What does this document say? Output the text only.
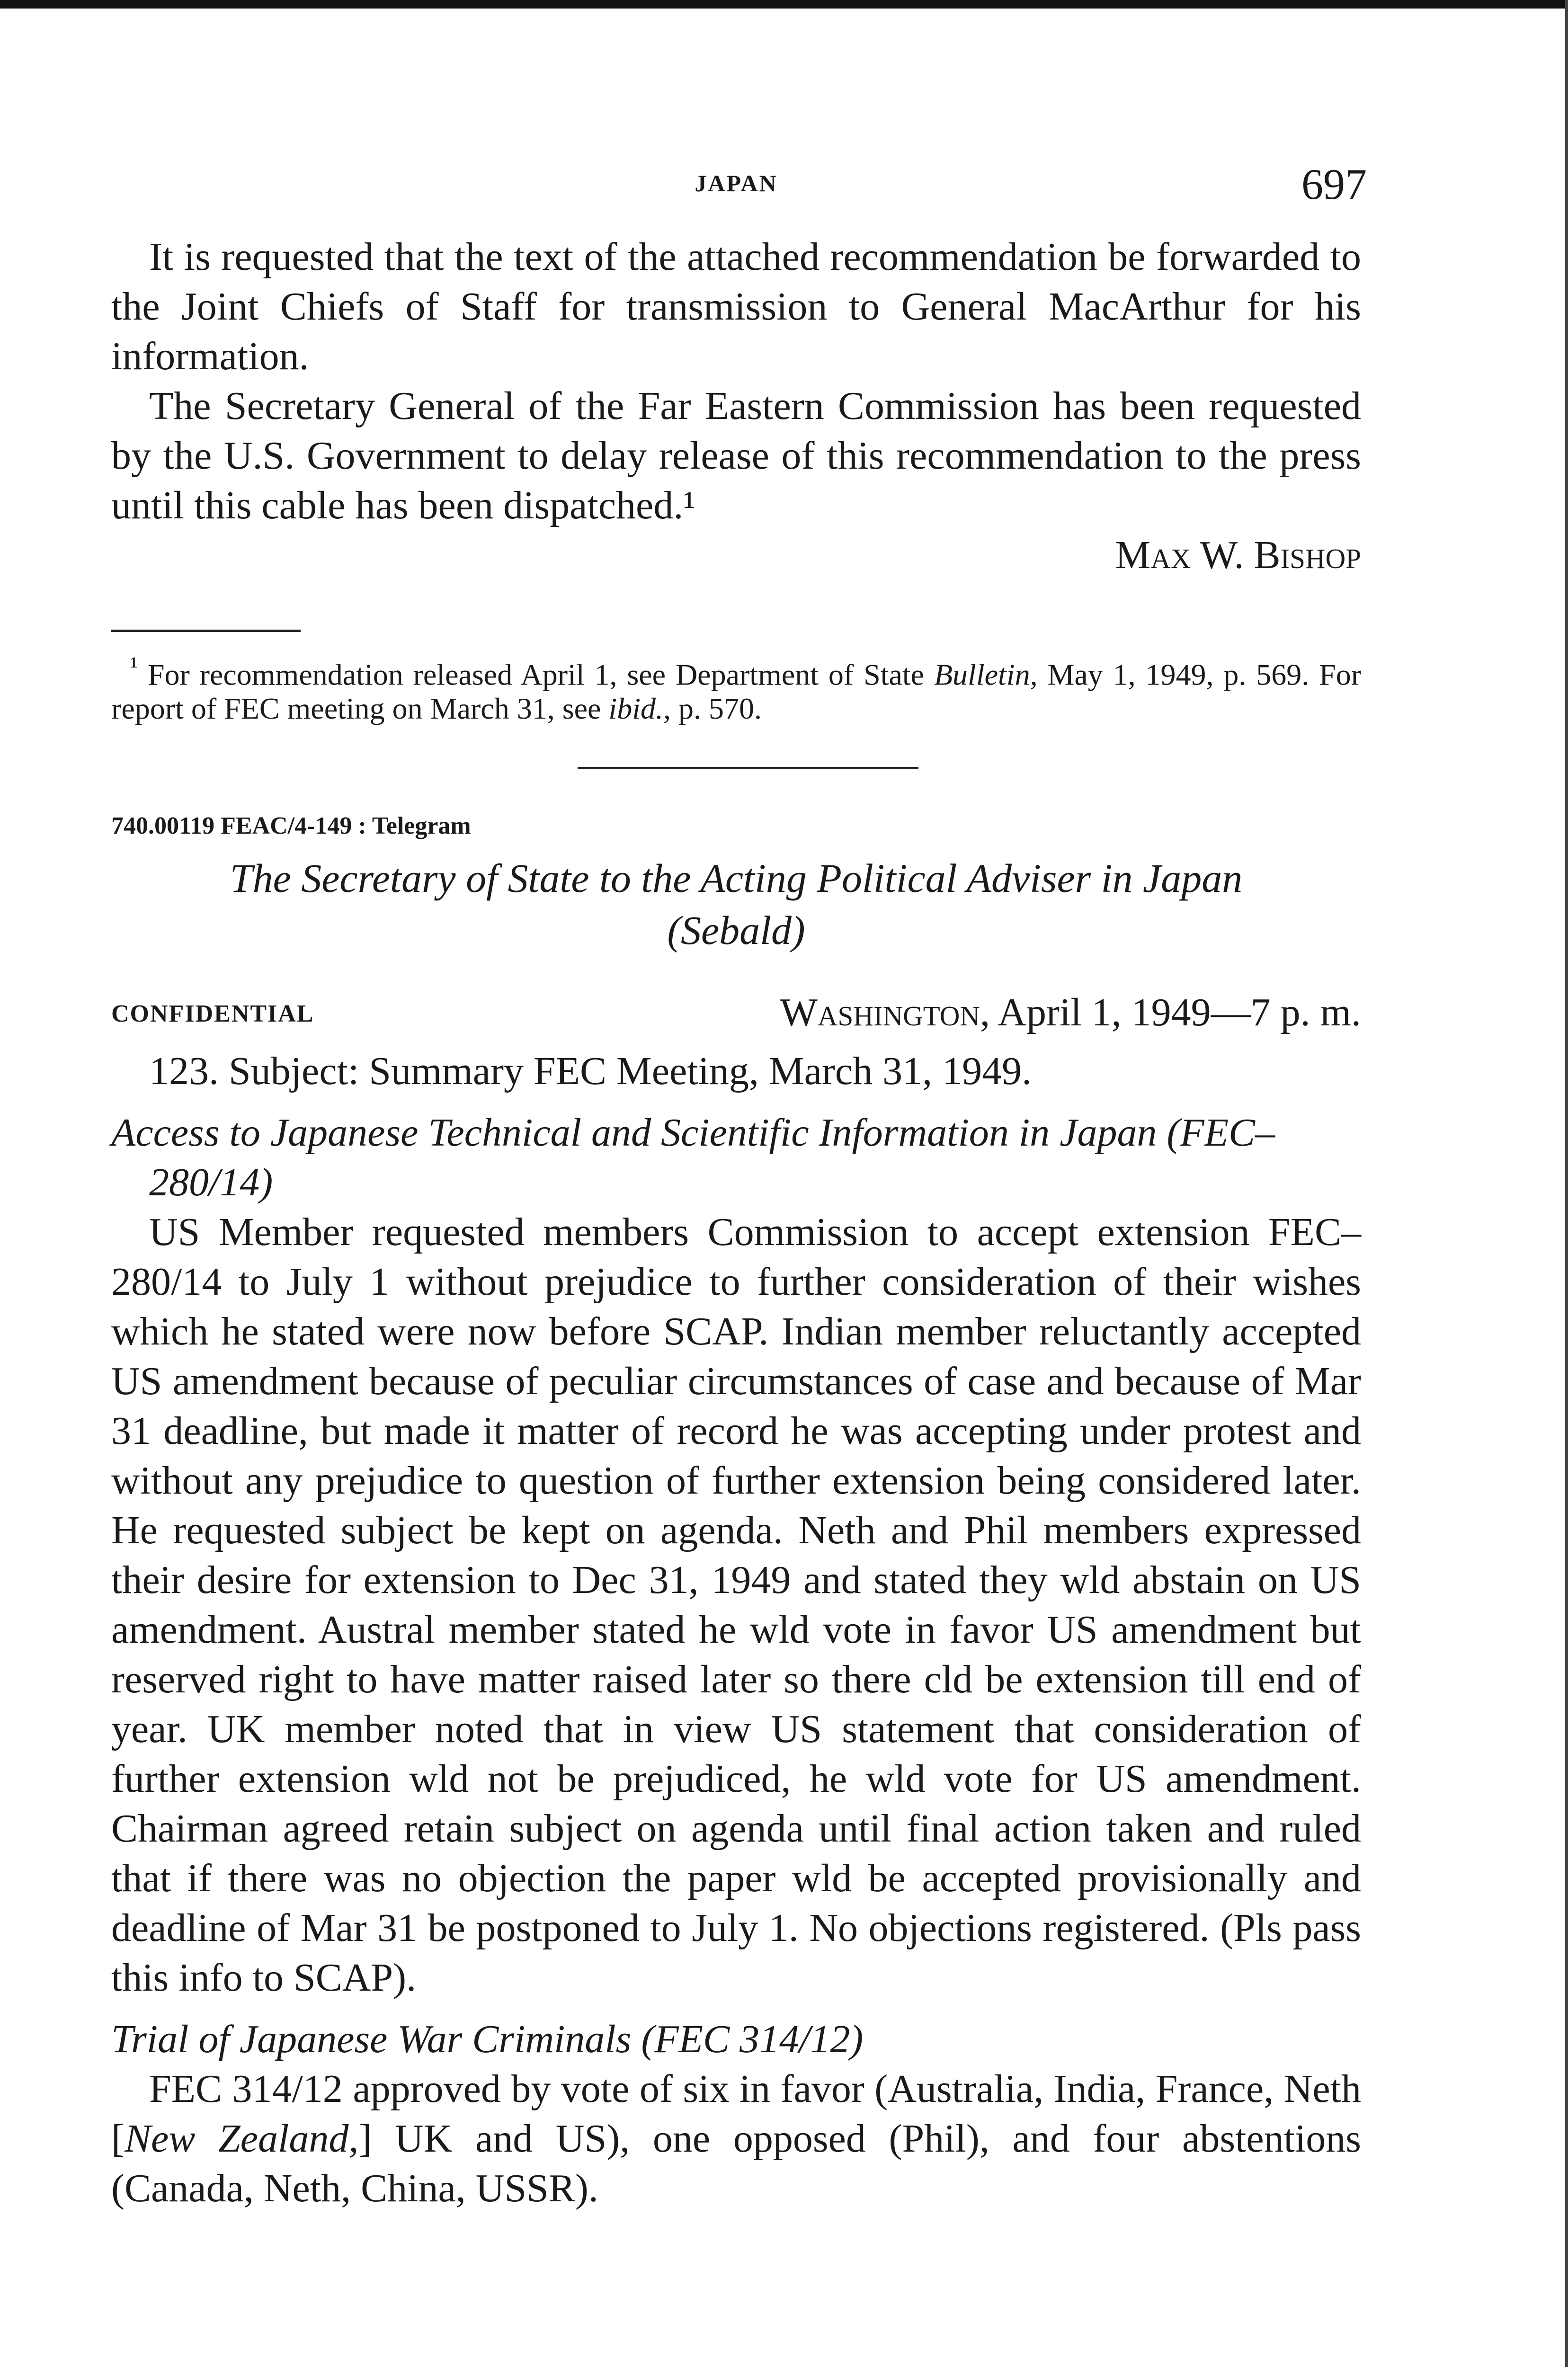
JAPAN	697

It is requested that the text of the attached recommendation be forwarded to the Joint Chiefs of Staff for transmission to General MacArthur for his information.

The Secretary General of the Far Eastern Commission has been requested by the U.S. Government to delay release of this recommendation to the press until this cable has been dispatched.¹

Max W. Bishop

$^{^1}$ For recommendation released April 1, see Department of State Bulletin, May 1, 1949, p. 569. For report of FEC meeting on March 31, see ibid., p. 570.

740.00119 FEAC/4-149 : Telegram
The Secretary of State to the Acting Political Adviser in Japan
(Sebald)
CONFIDENTIAL	Washington, April 1, 1949—7 p. m.

123. Subject: Summary FEC Meeting, March 31, 1949.

Access to Japanese Technical and Scientific Information in Japan (FEC–280/14)

US Member requested members Commission to accept extension FEC–280/14 to July 1 without prejudice to further consideration of their wishes which he stated were now before SCAP. Indian member reluctantly accepted US amendment because of peculiar circumstances of case and because of Mar 31 deadline, but made it matter of record he was accepting under protest and without any prejudice to question of further extension being considered later. He requested subject be kept on agenda. Neth and Phil members expressed their desire for extension to Dec 31, 1949 and stated they wld abstain on US amendment. Austral member stated he wld vote in favor US amendment but reserved right to have matter raised later so there cld be extension till end of year. UK member noted that in view US statement that consideration of further extension wld not be prejudiced, he wld vote for US amendment. Chairman agreed retain subject on agenda until final action taken and ruled that if there was no objection the paper wld be accepted provisionally and deadline of Mar 31 be postponed to July 1. No objections registered. (Pls pass this info to SCAP).

Trial of Japanese War Criminals (FEC 314/12)

FEC 314/12 approved by vote of six in favor (Australia, India, France, Neth [New Zealand,] UK and US), one opposed (Phil), and four abstentions (Canada, Neth, China, USSR).
